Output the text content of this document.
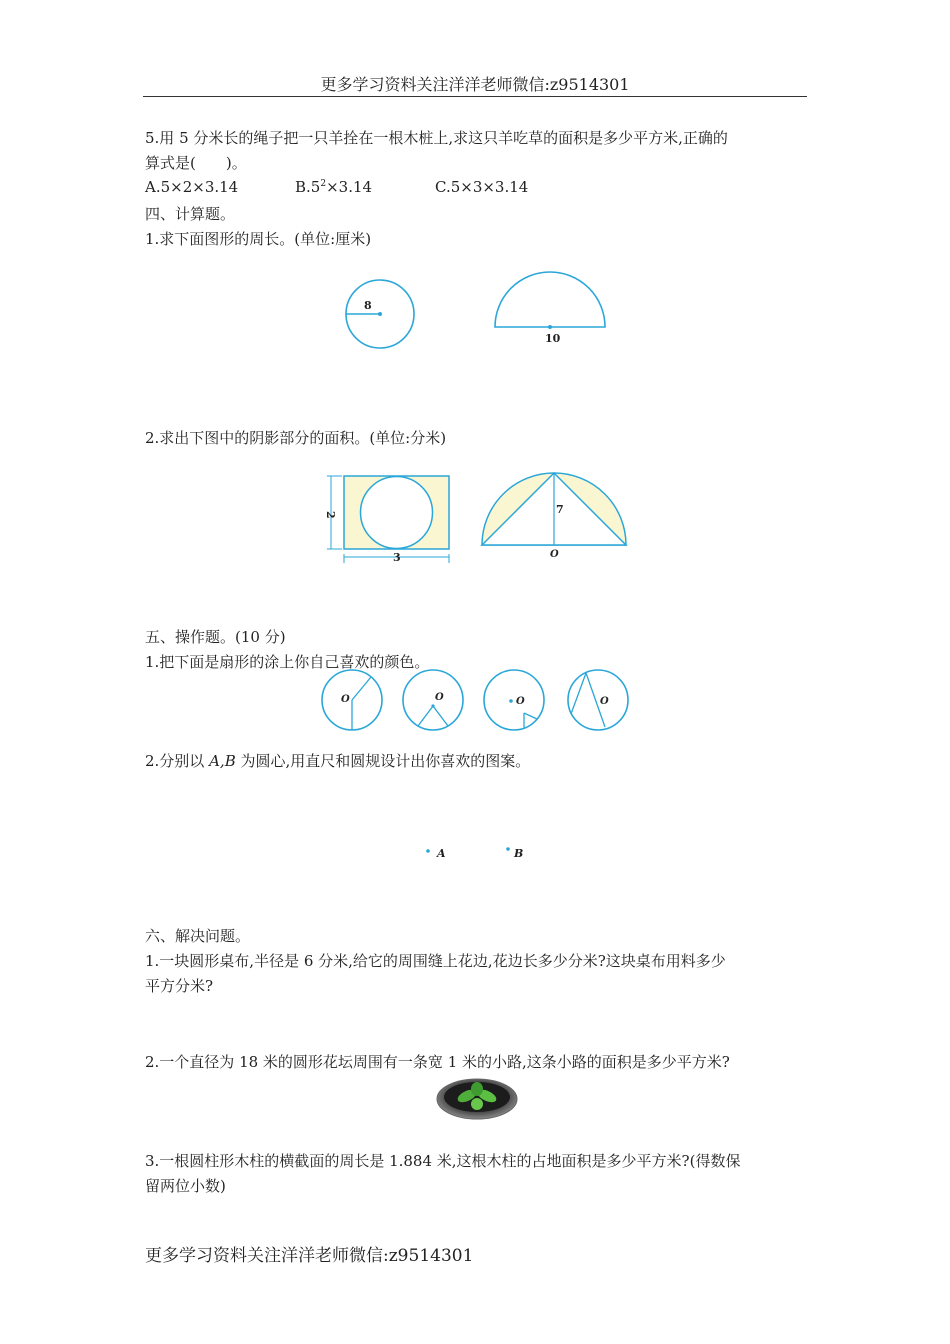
更多学习资料关注洋洋老师微信:z9514301
5.用 5 分米长的绳子把一只羊拴在一根木桩上,求这只羊吃草的面积是多少平方米,正确的
算式是(　　)。
A.5×2×3.14	$B.5^2\times 3.14$	C.5×3×3.14
四、计算题。
1.求下面图形的周长。(单位:厘米)
8
10
2.求出下图中的阴影部分的面积。(单位:分米)
2
3
7
O
五、操作题。(10 分)
1.把下面是扇形的涂上你自己喜欢的颜色。
O	O	O	O
2.分别以 A,B 为圆心,用直尺和圆规设计出你喜欢的图案。
A	B
六、解决问题。
1.一块圆形桌布,半径是 6 分米,给它的周围缝上花边,花边长多少分米?这块桌布用料多少
平方分米?
2.一个直径为 18 米的圆形花坛周围有一条宽 1 米的小路,这条小路的面积是多少平方米?
3.一根圆柱形木柱的横截面的周长是 1.884 米,这根木柱的占地面积是多少平方米?(得数保
留两位小数)
更多学习资料关注洋洋老师微信:z9514301
